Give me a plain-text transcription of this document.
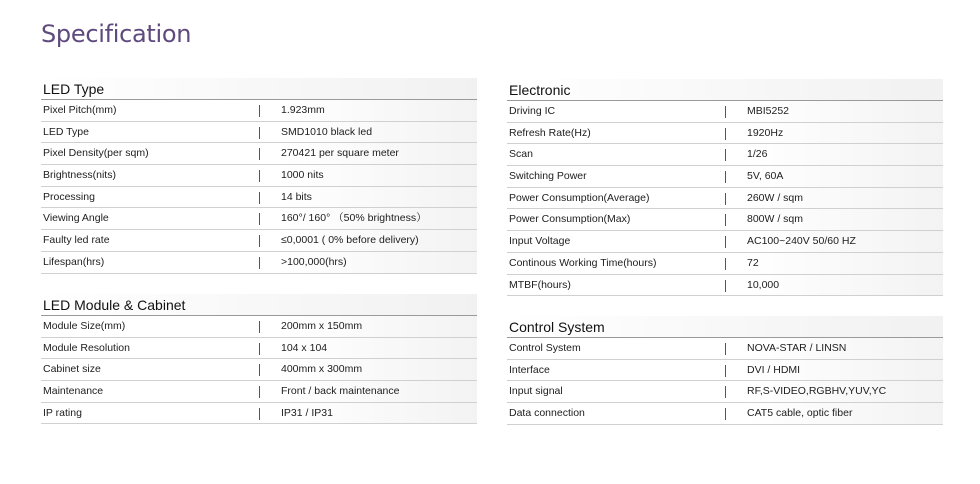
Specification
LED Type
Pixel Pitch(mm)	1.923mm
LED Type	SMD1010 black led
Pixel Density(per sqm)	270421 per square meter
Brightness(nits)	1000 nits
Processing	14 bits
Viewing Angle	160°/ 160° （50% brightness）
Faulty led rate	≤0,0001 ( 0% before delivery)
Lifespan(hrs)	>100,000(hrs)
LED Module & Cabinet
Module Size(mm)	200mm x 150mm
Module Resolution	104 x 104
Cabinet size	400mm x 300mm
Maintenance	Front / back maintenance
IP rating	IP31 / IP31
Electronic
Driving IC	MBI5252
Refresh Rate(Hz)	1920Hz
Scan	1/26
Switching Power	5V, 60A
Power Consumption(Average)	260W / sqm
Power Consumption(Max)	800W / sqm
Input Voltage	AC100~240V 50/60 HZ
Continous Working Time(hours)	72
MTBF(hours)	10,000
Control System
Control System	NOVA-STAR / LINSN
Interface	DVI / HDMI
Input signal	RF,S-VIDEO,RGBHV,YUV,YC
Data connection	CAT5 cable, optic fiber
